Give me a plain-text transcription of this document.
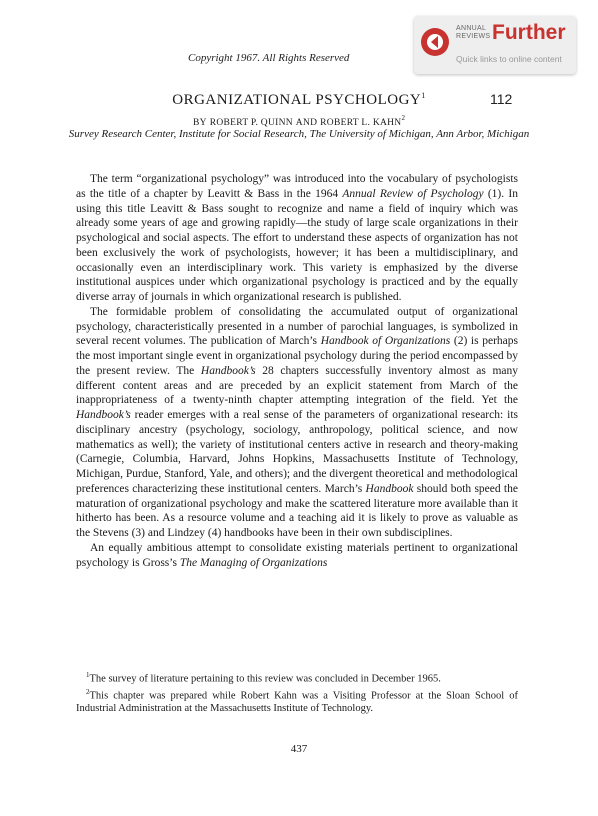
Copyright 1967. All Rights Reserved
ANNUAL
REVIEWS Further
Quick links to online content
ORGANIZATIONAL PSYCHOLOGY$^1$	112
BY ROBERT P. QUINN AND ROBERT L. KAHN$^2$
Survey Research Center, Institute for Social Research, The University of Michigan, Ann Arbor, Michigan

The term “organizational psychology” was introduced into the vocabulary of psychologists as the title of a chapter by Leavitt & Bass in the 1964 Annual Review of Psychology (1). In using this title Leavitt & Bass sought to recognize and name a field of inquiry which was already some years of age and growing rapidly—the study of large scale organizations in their psychological and social aspects. The effort to understand these aspects of organization has not been exclusively the work of psychologists, however; it has been a multidisciplinary, and occasionally even an interdisciplinary work. This variety is emphasized by the diverse institutional auspices under which organizational psychology is practiced and by the equally diverse array of journals in which organizational research is published.

The formidable problem of consolidating the accumulated output of organizational psychology, characteristically presented in a number of parochial languages, is symbolized in several recent volumes. The publication of March’s Handbook of Organizations (2) is perhaps the most important single event in organizational psychology during the period encompassed by the present review. The Handbook’s 28 chapters successfully inventory almost as many different content areas and are preceded by an explicit statement from March of the inappropriateness of a twenty-ninth chapter attempting integration of the field. Yet the Handbook’s reader emerges with a real sense of the parameters of organizational research: its disciplinary ancestry (psychology, sociology, anthropology, political science, and now mathematics as well); the variety of institutional centers active in research and theory-making (Carnegie, Columbia, Harvard, Johns Hopkins, Massachusetts Institute of Technology, Michigan, Purdue, Stanford, Yale, and others); and the divergent theoretical and methodological preferences characterizing these institutional centers. March’s Handbook should both speed the maturation of organizational psychology and make the scattered literature more available than it hitherto has been. As a resource volume and a teaching aid it is likely to prove as valuable as the Stevens (3) and Lindzey (4) handbooks have been in their own subdisciplines.

An equally ambitious attempt to consolidate existing materials pertinent to organizational psychology is Gross’s The Managing of Organizations

$^1$The survey of literature pertaining to this review was concluded in December 1965.

$^2$This chapter was prepared while Robert Kahn was a Visiting Professor at the Sloan School of Industrial Administration at the Massachusetts Institute of Technology.

437
